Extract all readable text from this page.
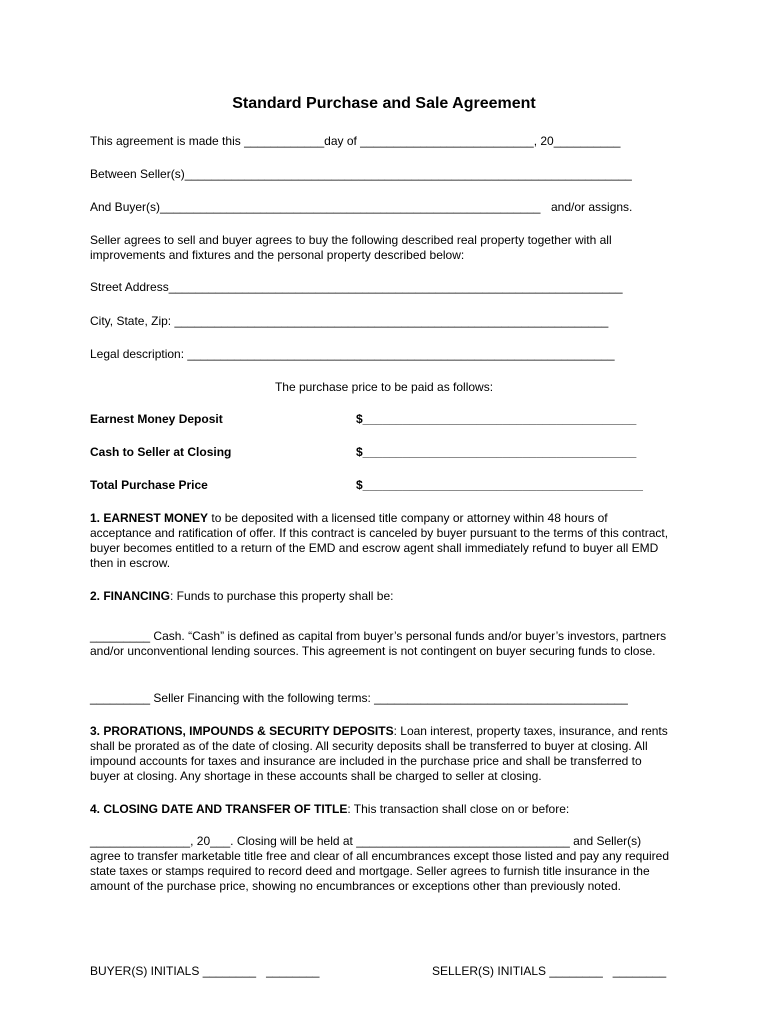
Standard Purchase and Sale Agreement
This agreement is made this ____________day of __________________________, 20__________
Between Seller(s)___________________________________________________________________
And Buyer(s)_________________________________________________________ and/or assigns.
Seller agrees to sell and buyer agrees to buy the following described real property together with all improvements and fixtures and the personal property described below:
Street Address____________________________________________________________________
City, State, Zip: _________________________________________________________________
Legal description: ________________________________________________________________
The purchase price to be paid as follows:
Earnest Money Deposit	$_________________________________________
Cash to Seller at Closing	$_________________________________________
Total Purchase Price	$__________________________________________
1. EARNEST MONEY to be deposited with a licensed title company or attorney within 48 hours of acceptance and ratification of offer. If this contract is canceled by buyer pursuant to the terms of this contract, buyer becomes entitled to a return of the EMD and escrow agent shall immediately refund to buyer all EMD then in escrow.
2. FINANCING: Funds to purchase this property shall be:
_________ Cash. “Cash” is defined as capital from buyer’s personal funds and/or buyer’s investors, partners and/or unconventional lending sources. This agreement is not contingent on buyer securing funds to close.
_________ Seller Financing with the following terms: ______________________________________
3. PRORATIONS, IMPOUNDS & SECURITY DEPOSITS: Loan interest, property taxes, insurance, and rents shall be prorated as of the date of closing. All security deposits shall be transferred to buyer at closing. All impound accounts for taxes and insurance are included in the purchase price and shall be transferred to buyer at closing. Any shortage in these accounts shall be charged to seller at closing.
4. CLOSING DATE AND TRANSFER OF TITLE: This transaction shall close on or before:
_______________, 20___. Closing will be held at ________________________________ and Seller(s)
agree to transfer marketable title free and clear of all encumbrances except those listed and pay any required state taxes or stamps required to record deed and mortgage. Seller agrees to furnish title insurance in the amount of the purchase price, showing no encumbrances or exceptions other than previously noted.
BUYER(S) INITIALS ________   ________	SELLER(S) INITIALS ________   ________
